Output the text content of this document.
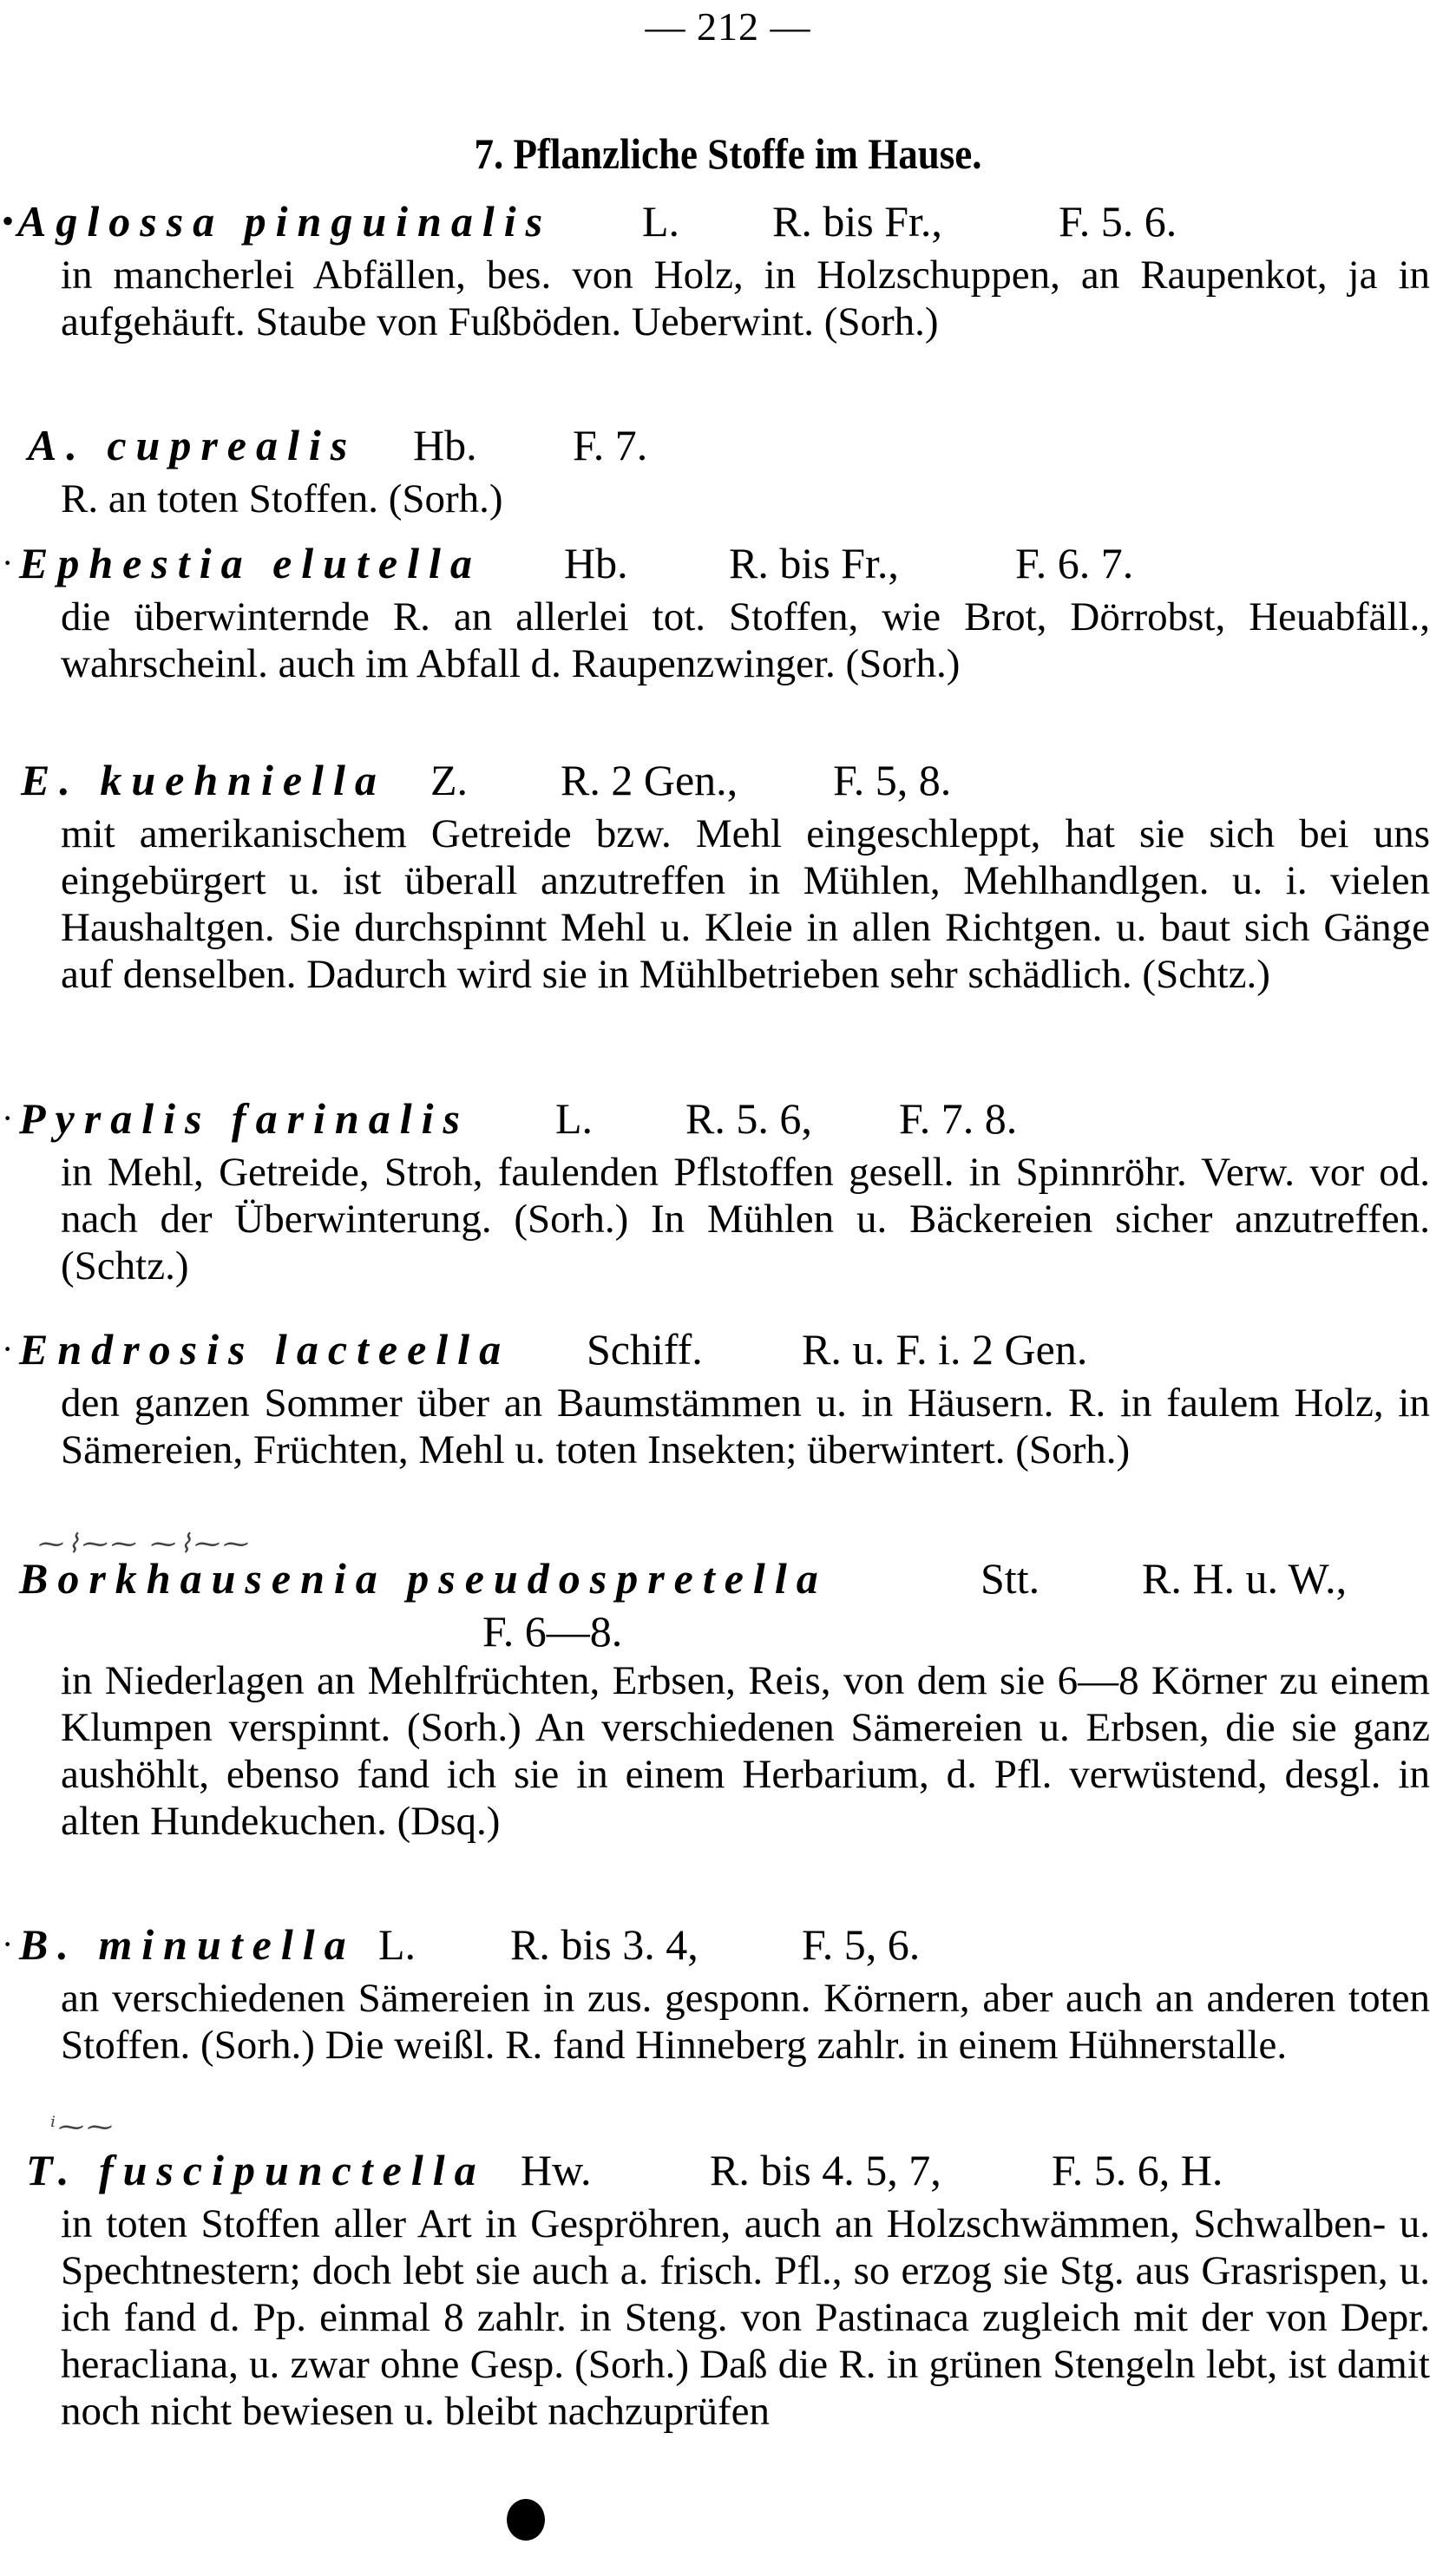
— 212 —
7. Pflanzliche Stoffe im Hause.
• Aglossa pinguinalis L. R. bis Fr.,	F. 5. 6.
in mancherlei Abfällen, bes. von Holz, in Holzschuppen, an Raupenkot, ja in aufgehäuft. Staube von Fußböden. Ueberwint. (Sorh.)
A. cuprealis Hb. F. 7.
R. an toten Stoffen. (Sorh.)
· Ephestia elutella Hb. R. bis Fr.,	F. 6. 7.
die überwinternde R. an allerlei tot. Stoffen, wie Brot, Dörrobst, Heuabfäll., wahrscheinl. auch im Abfall d. Raupenzwinger. (Sorh.)
E. kuehniella Z. R. 2 Gen., F. 5, 8.
mit amerikanischem Getreide bzw. Mehl eingeschleppt, hat sie sich bei uns eingebürgert u. ist überall anzutreffen in Mühlen, Mehlhandlgen. u. i. vielen Haushaltgen. Sie durchspinnt Mehl u. Kleie in allen Richtgen. u. baut sich Gänge auf denselben. Dadurch wird sie in Mühlbetrieben sehr schädlich. (Schtz.)
· Pyralis farinalis L. R. 5. 6, F. 7. 8.
in Mehl, Getreide, Stroh, faulenden Pflstoffen gesell. in Spinnröhr. Verw. vor od. nach der Überwinterung. (Sorh.) In Mühlen u. Bäckereien sicher anzutreffen. (Schtz.)
· Endrosis lacteella Schiff. R. u. F. i. 2 Gen.
den ganzen Sommer über an Baumstämmen u. in Häusern. R. in faulem Holz, in Sämereien, Früchten, Mehl u. toten Insekten; überwintert. (Sorh.)
⁓⌇⁓⁓ ⁓⌇⁓⁓
Borkhausenia pseudospretella	Stt. R. H. u. W.,
F. 6—8.
in Niederlagen an Mehlfrüchten, Erbsen, Reis, von dem sie 6—8 Körner zu einem Klumpen verspinnt. (Sorh.) An verschiedenen Sämereien u. Erbsen, die sie ganz aushöhlt, ebenso fand ich sie in einem Herbarium, d. Pfl. verwüstend, desgl. in alten Hundekuchen. (Dsq.)
· B. minutella L. R. bis 3. 4, F. 5, 6.
an verschiedenen Sämereien in zus. gesponn. Körnern, aber auch an anderen toten Stoffen. (Sorh.) Die weißl. R. fand Hinneberg zahlr. in einem Hühnerstalle.
ⁱ⁓⁓
T. fuscipunctella Hw.	R. bis 4. 5, 7,	F. 5. 6, H.
in toten Stoffen aller Art in Gespröhren, auch an Holzschwämmen, Schwalben- u. Spechtnestern; doch lebt sie auch a. frisch. Pfl., so erzog sie Stg. aus Grasrispen, u. ich fand d. Pp. einmal 8 zahlr. in Steng. von Pastinaca zugleich mit der von Depr. heracliana, u. zwar ohne Gesp. (Sorh.) Daß die R. in grünen Stengeln lebt, ist damit noch nicht bewiesen u. bleibt nachzuprüfen
